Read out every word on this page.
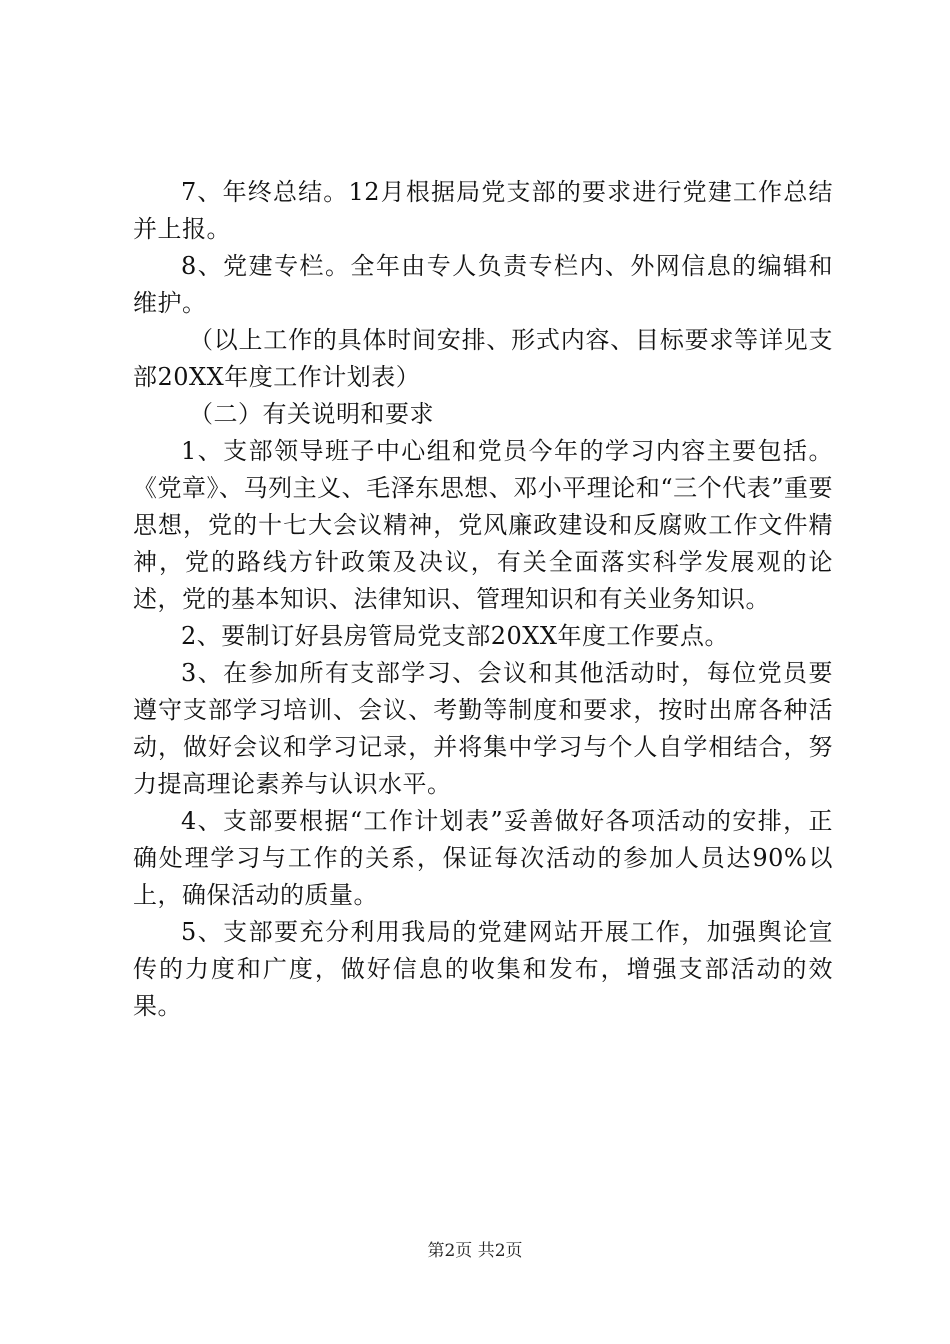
7、年终总结。12月根据局党支部的要求进行党建工作总结并上报。

8、党建专栏。全年由专人负责专栏内、外网信息的编辑和维护。

（以上工作的具体时间安排、形式内容、目标要求等详见支部20XX年度工作计划表）

（二）有关说明和要求

1、支部领导班子中心组和党员今年的学习内容主要包括。《党章》、马列主义、毛泽东思想、邓小平理论和“三个代表”重要思想，党的十七大会议精神，党风廉政建设和反腐败工作文件精神，党的路线方针政策及决议，有关全面落实科学发展观的论述，党的基本知识、法律知识、管理知识和有关业务知识。

2、要制订好县房管局党支部20XX年度工作要点。

3、在参加所有支部学习、会议和其他活动时，每位党员要遵守支部学习培训、会议、考勤等制度和要求，按时出席各种活动，做好会议和学习记录，并将集中学习与个人自学相结合，努力提高理论素养与认识水平。

4、支部要根据“工作计划表”妥善做好各项活动的安排，正确处理学习与工作的关系，保证每次活动的参加人员达90%以上，确保活动的质量。

5、支部要充分利用我局的党建网站开展工作，加强舆论宣传的力度和广度，做好信息的收集和发布，增强支部活动的效果。

第2页 共2页
